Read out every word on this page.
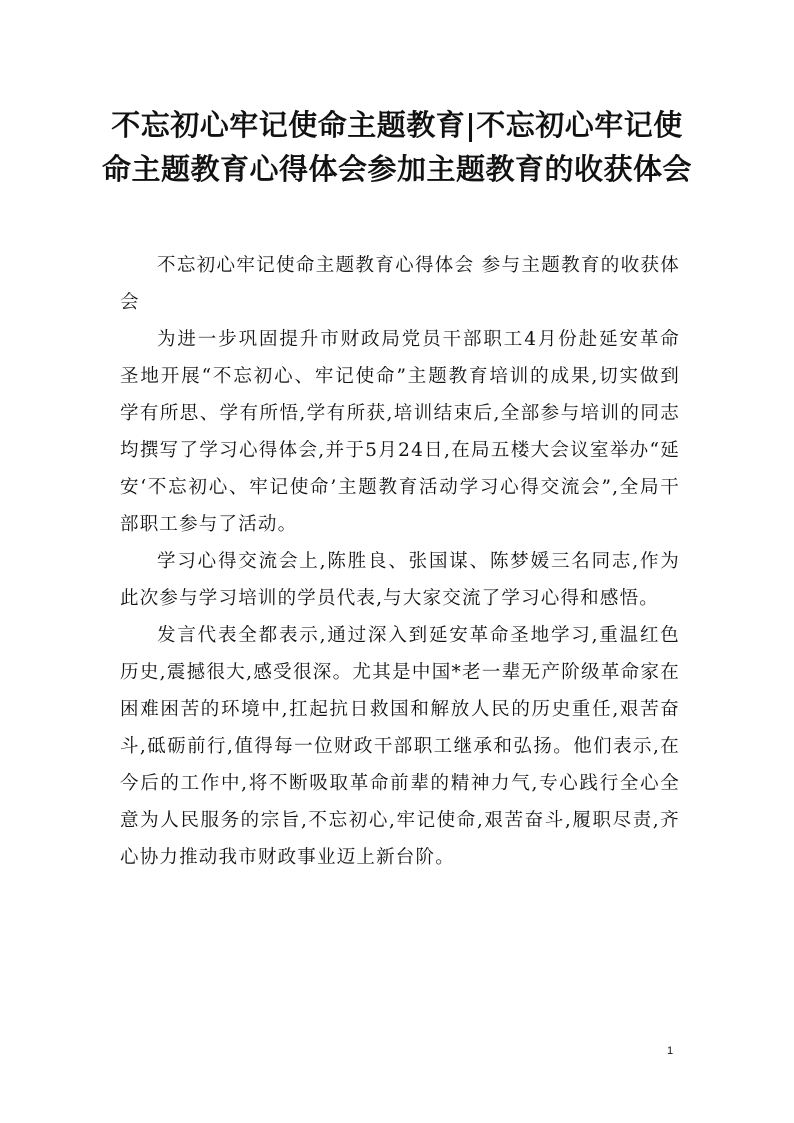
不忘初心牢记使命主题教育|不忘初心牢记使命主题教育心得体会参加主题教育的收获体会

不忘初心牢记使命主题教育心得体会 参与主题教育的收获体会

为进一步巩固提升市财政局党员干部职工4月份赴延安革命圣地开展“不忘初心、牢记使命”主题教育培训的成果,切实做到学有所思、学有所悟,学有所获,培训结束后,全部参与培训的同志均撰写了学习心得体会,并于5月24日,在局五楼大会议室举办“延安‘不忘初心、牢记使命’主题教育活动学习心得交流会”,全局干部职工参与了活动。

学习心得交流会上,陈胜良、张国谋、陈梦媛三名同志,作为此次参与学习培训的学员代表,与大家交流了学习心得和感悟。

发言代表全都表示,通过深入到延安革命圣地学习,重温红色历史,震撼很大,感受很深。尤其是中国*老一辈无产阶级革命家在困难困苦的环境中,扛起抗日救国和解放人民的历史重任,艰苦奋斗,砥砺前行,值得每一位财政干部职工继承和弘扬。他们表示,在今后的工作中,将不断吸取革命前辈的精神力气,专心践行全心全意为人民服务的宗旨,不忘初心,牢记使命,艰苦奋斗,履职尽责,齐心协力推动我市财政事业迈上新台阶。

1
